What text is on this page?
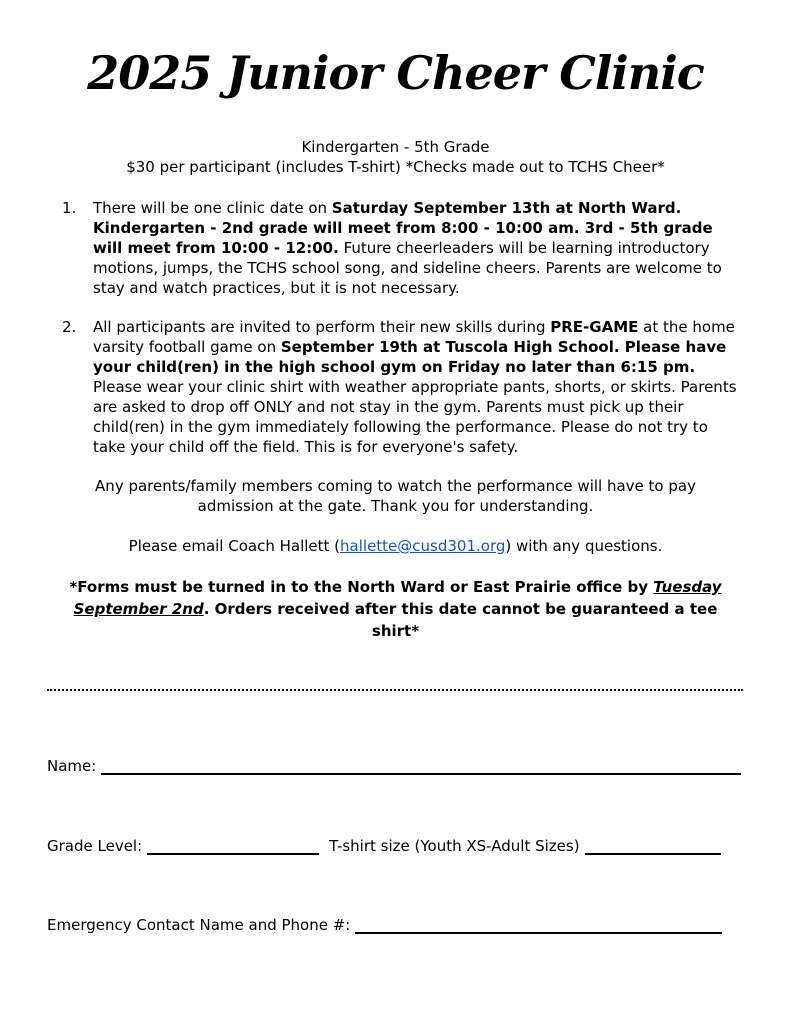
2025 Junior Cheer Clinic
Kindergarten - 5th Grade
$30 per participant (includes T-shirt) *Checks made out to TCHS Cheer*
1.	There will be one clinic date on Saturday September 13th at North Ward. Kindergarten - 2nd grade will meet from 8:00 - 10:00 am. 3rd - 5th grade will meet from 10:00 - 12:00. Future cheerleaders will be learning introductory motions, jumps, the TCHS school song, and sideline cheers. Parents are welcome to stay and watch practices, but it is not necessary.
2.	All participants are invited to perform their new skills during PRE-GAME at the home varsity football game on September 19th at Tuscola High School. Please have your child(ren) in the high school gym on Friday no later than 6:15 pm. Please wear your clinic shirt with weather appropriate pants, shorts, or skirts. Parents are asked to drop off ONLY and not stay in the gym. Parents must pick up their child(ren) in the gym immediately following the performance. Please do not try to take your child off the field. This is for everyone's safety.
Any parents/family members coming to watch the performance will have to pay admission at the gate. Thank you for understanding.
Please email Coach Hallett (hallette@cusd301.org) with any questions.
*Forms must be turned in to the North Ward or East Prairie office by Tuesday September 2nd. Orders received after this date cannot be guaranteed a tee shirt*
Name:
Grade Level:	T-shirt size (Youth XS-Adult Sizes)
Emergency Contact Name and Phone #:
